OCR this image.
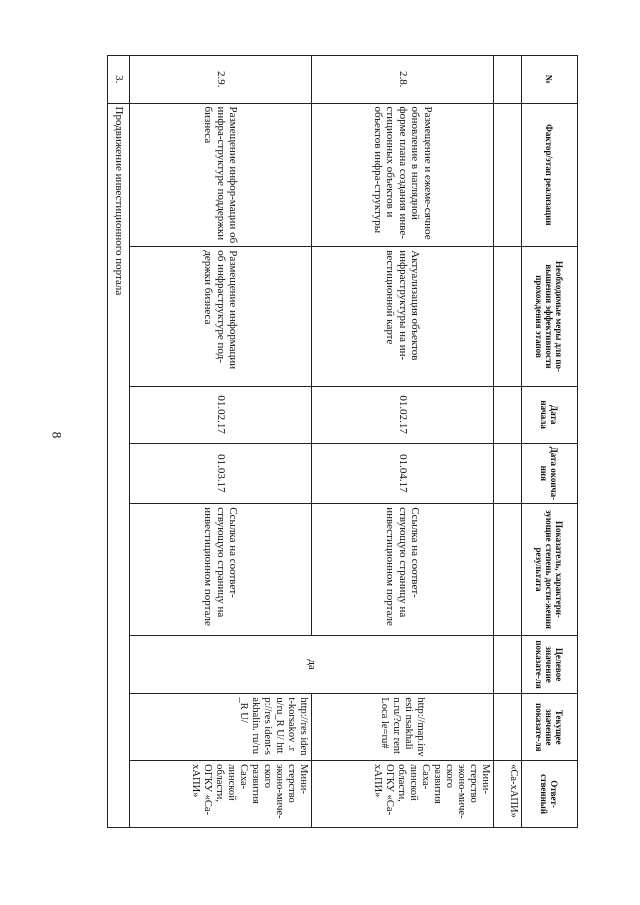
8
№	Фактор/этап реализации	Необходимые меры для по-вышения эффективности прохождения этапов	Дата начала	Дата оконча-ния	Показатель, характери-зующие степень дости-жения результата	Целевое значение показате-ля	Текущее значение показате-ля	Ответ-ственный
								«Са-хАПИ»
2.8.	Размещение и ежеме-сячное обновление в наглядной форме плана создания инве-стиционных объектов и объектов инфра-структуры	Актуализация объектов инфраструктуры на ин-вестиционной карте	01.02.17	01.04.17	Ссылка на соответ-ствующую страницу на инвестиционном портале	да	http://map.investi nsakhali n.ru/?cur rentLoca le=ru#	Мини-стерство эконо-миче-ского развития Саха-линской области, ОГКУ «Са-хАПИ»
2.9.	Размещение инфор-мации об инфра-структуре поддержки бизнеса	Размещение информации об инфраструктуре под-держки бизнеса	01.02.17	01.03.17	Ссылка на соответ-ствующую страницу на инвестиционном портале		http://res ident-korsakov .ru/ru_R U/ http://res ident-sakhalin. ru/ru_R U/	Мини-стерство эконо-миче-ского развития Саха-линской области, ОГКУ «Са-хАПИ»
3.	Продвижение инвестиционного портала							
